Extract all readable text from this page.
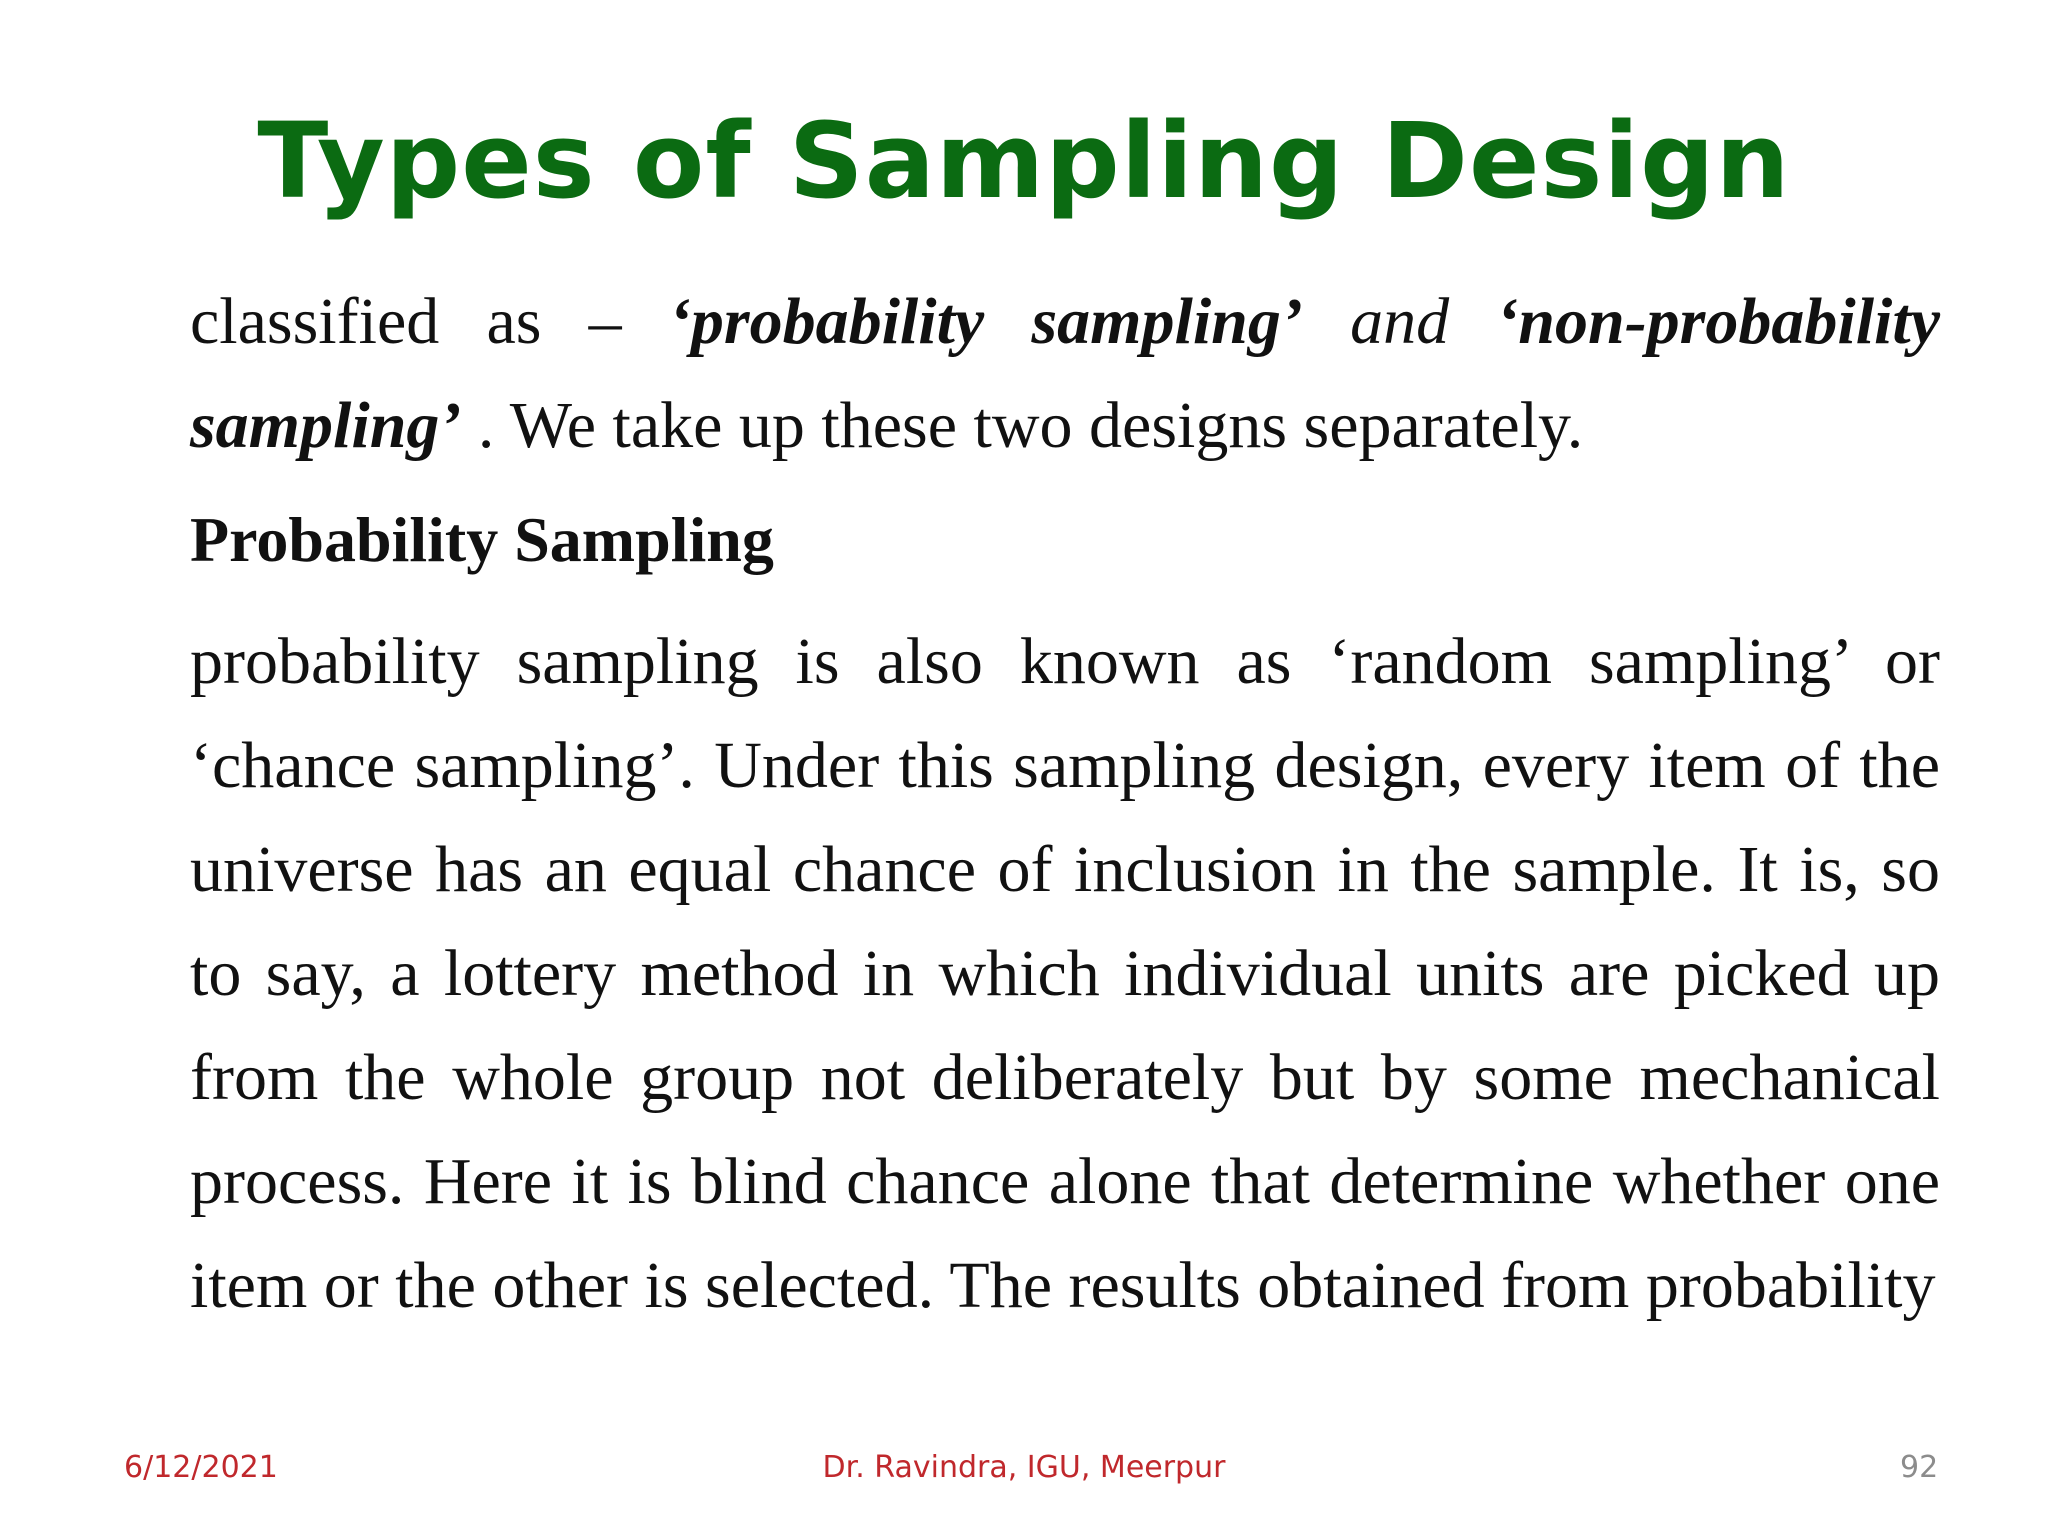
Types of Sampling Design

classified as – ‘probability sampling’ and ‘non-probability sampling’ . We take up these two designs separately.

Probability Sampling

probability sampling is also known as ‘random sampling’ or ‘chance sampling’. Under this sampling design, every item of the universe has an equal chance of inclusion in the sample. It is, so to say, a lottery method in which individual units are picked up from the whole group not deliberately but by some mechanical process. Here it is blind chance alone that determine whether one item or the other is selected. The results obtained from probability

6/12/2021	Dr. Ravindra, IGU, Meerpur	92
